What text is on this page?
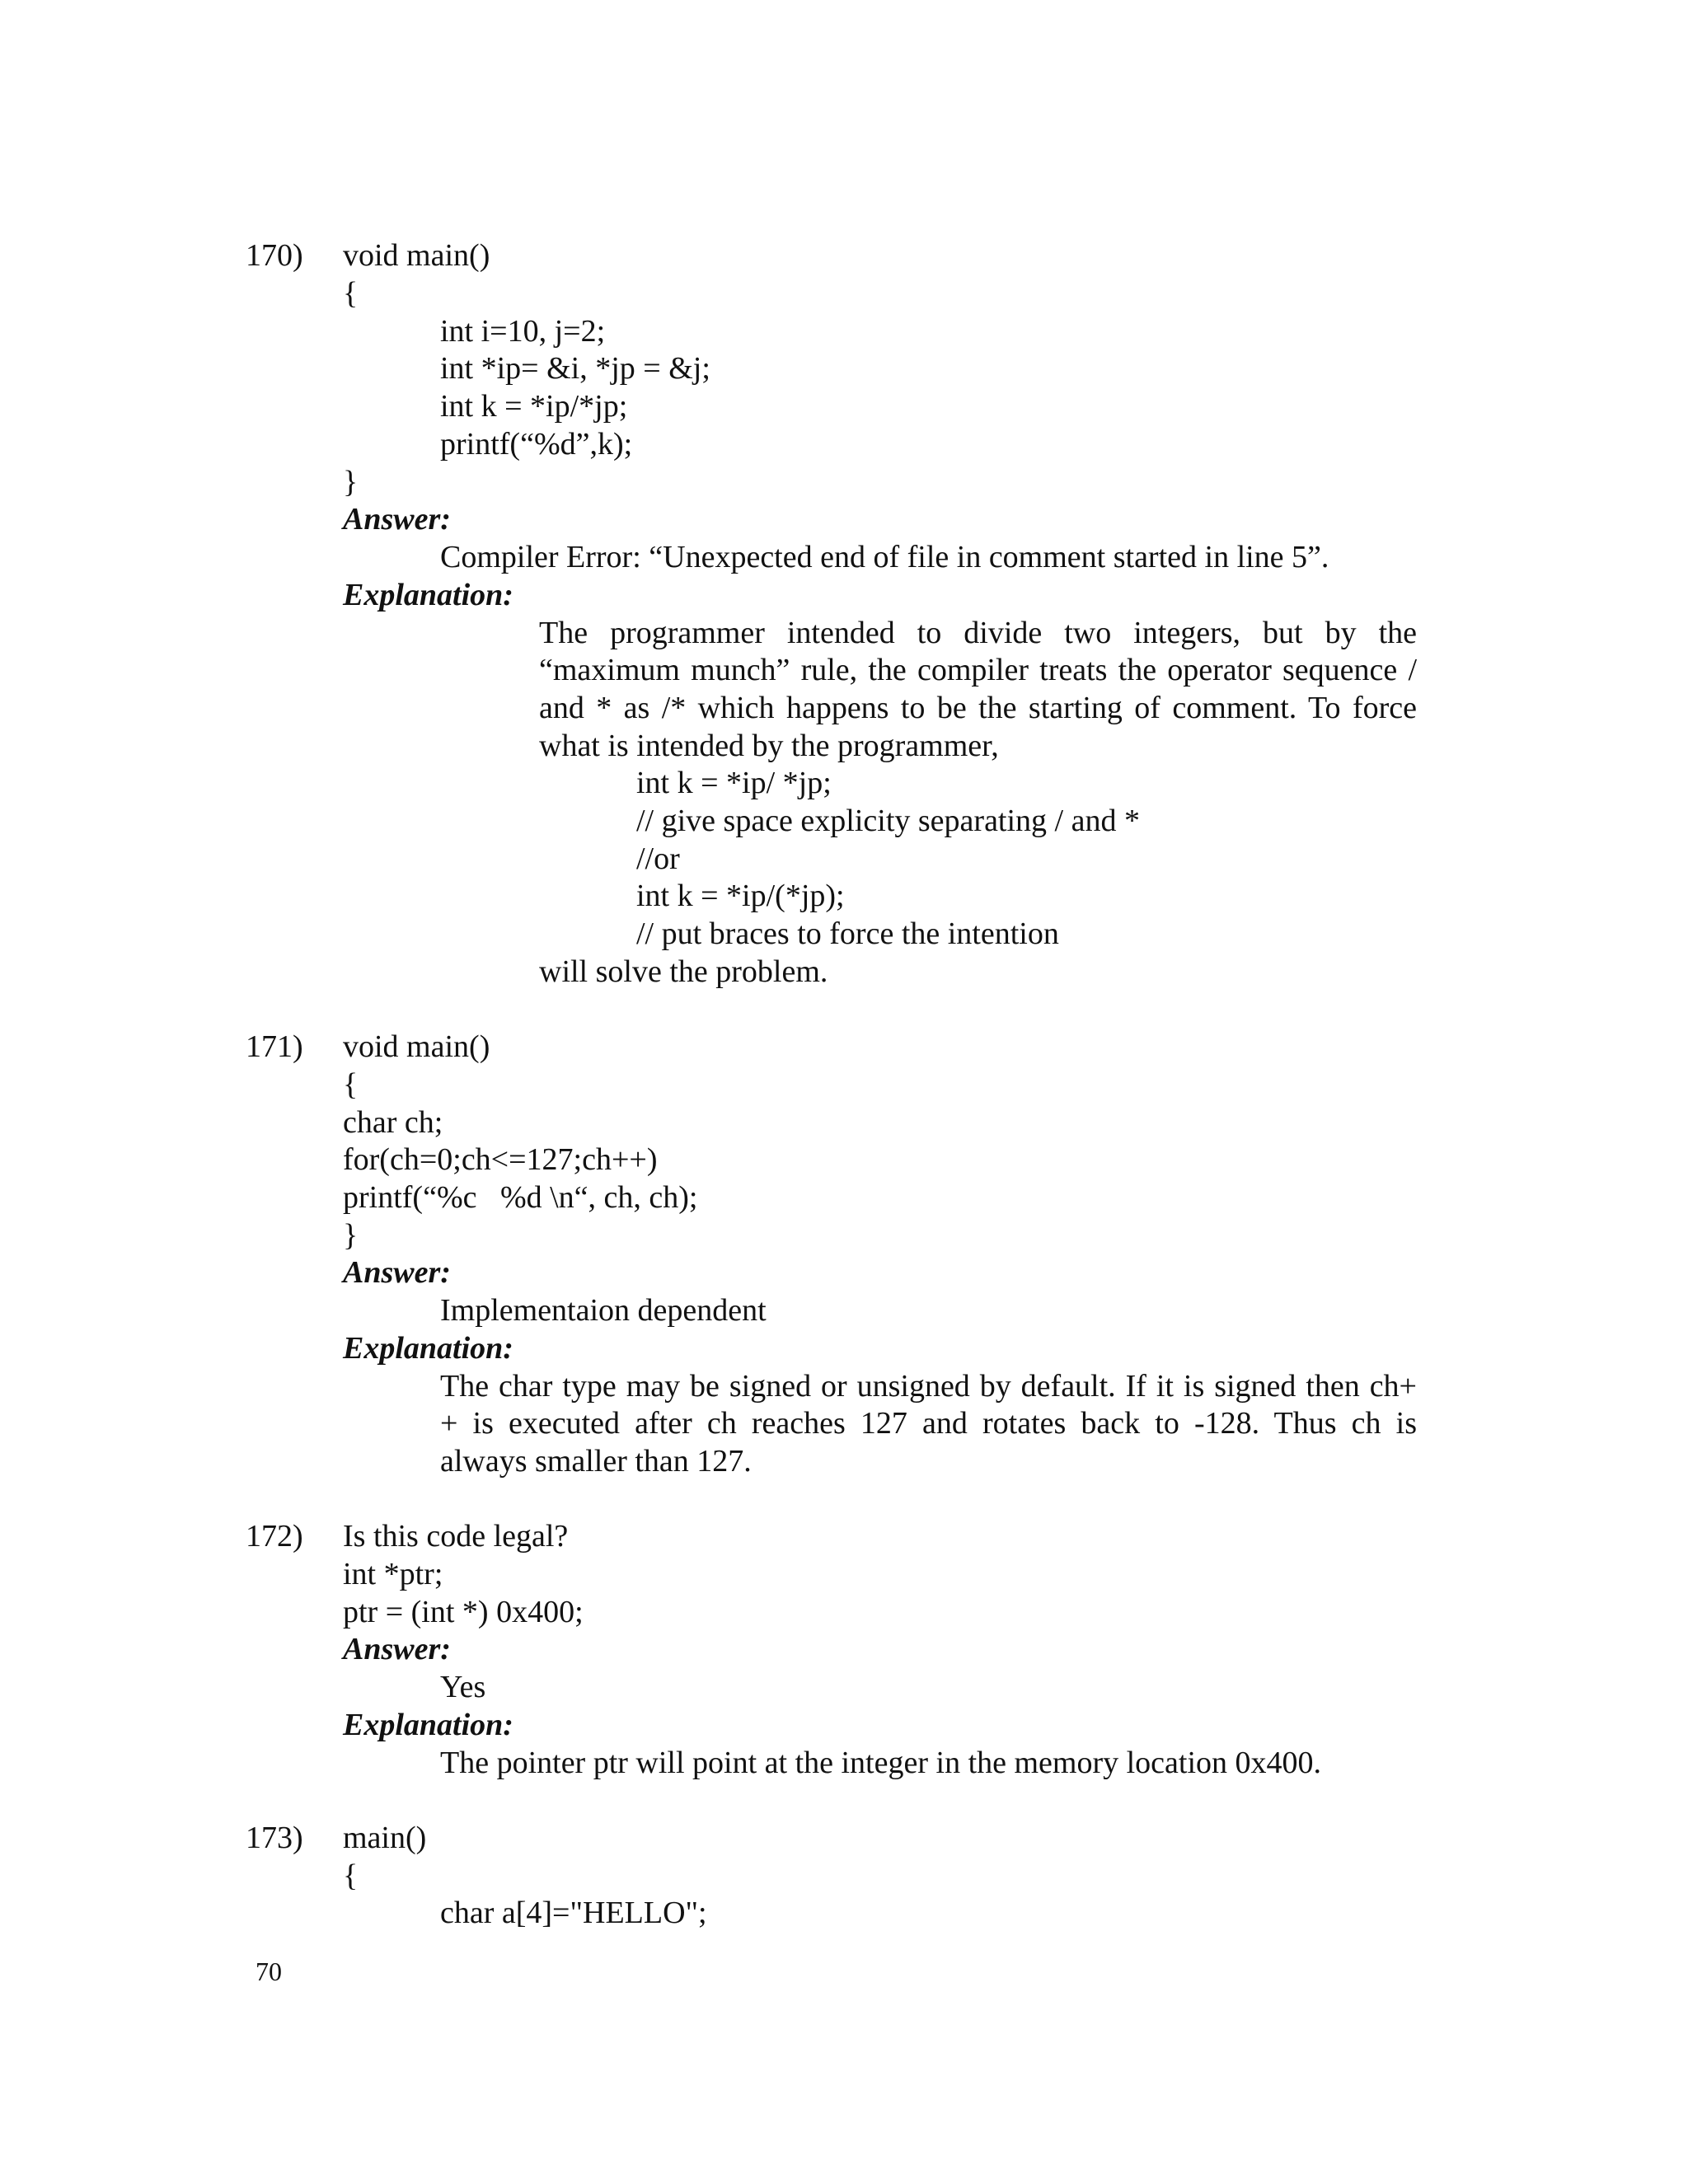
170) void main()
{
int i=10, j=2;
int *ip= &i, *jp = &j;
int k = *ip/*jp;
printf(“%d”,k);
}
Answer:
Compiler Error: “Unexpected end of file in comment started in line 5”.
Explanation:
The programmer intended to divide two integers, but by the
“maximum munch” rule, the compiler treats the operator sequence /
and * as /* which happens to be the starting of comment. To force
what is intended by the programmer,
int k = *ip/ *jp;
// give space explicity separating / and *
//or
int k = *ip/(*jp);
// put braces to force the intention
will solve the problem.
171) void main()
{
char ch;
for(ch=0;ch<=127;ch++)
printf(“%c   %d \n“, ch, ch);
}
Answer:
Implementaion dependent
Explanation:
The char type may be signed or unsigned by default. If it is signed then ch+
+ is executed after ch reaches 127 and rotates back to -128. Thus ch is
always smaller than 127.
172) Is this code legal?
int *ptr;
ptr = (int *) 0x400;
Answer:
Yes
Explanation:
The pointer ptr will point at the integer in the memory location 0x400.
173) main()
{
char a[4]="HELLO";
70
